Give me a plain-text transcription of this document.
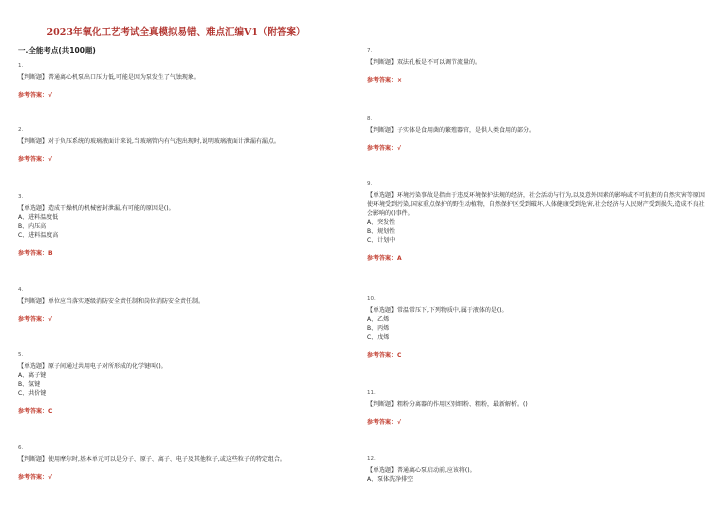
2023年氧化工艺考试全真模拟易错、难点汇编V1（附答案）
一.全能考点(共100题)
1.
【判断题】普通离心机泵出口压力低,可能是因为泵发生了气蚀现象。
参考答案：√
2.
【判断题】对于负压系统的玻璃液面计来说,当玻璃管内有气泡出现时,说明玻璃液面计泄漏有漏点。
参考答案：√
3.
【单选题】造成干燥机的机械密封泄漏,有可能的原因是()。
A、进料温度低
B、内压高
C、进料温度高
参考答案：B
4.
【判断题】单位应当落实逐级消防安全责任制和岗位消防安全责任制。
参考答案：√
5.
【单选题】原子间通过共用电子对所形成的化学键叫()。
A、离子键
B、氢键
C、共价键
参考答案：C
6.
【判断题】使用摩尔时,基本单元可以是分子、原子、离子、电子及其他粒子,或这些粒子的特定组合。
参考答案：√
7.
【判断题】双法孔板是不可以调节流量的。
参考答案：×
8.
【判断题】子实体是食用菌的繁殖器官，是供人类食用的部分。
参考答案：√
9.
【单选题】环境污染事故是指由于违反环境保护法规的经济，社会活动与行为,以及意外因素的影响或不可抗拒的自然灾害等原因使环境受到污染,国家重点保护的野生动植物，自然保护区受到破坏,人体健康受到危害,社会经济与人民财产受到损失,造成不良社会影响的()事件。
A、突发性
B、规划性
C、计划中
参考答案：A
10.
【单选题】常温常压下,下列物质中,属于液体的是()。
A、乙烯
B、丙烯
C、戊烯
参考答案：C
11.
【判断题】粗粉分离器的作用区别细粉、粗粉，最新解析。()
参考答案：√
12.
【单选题】普通离心泵启动前,应该将()。
A、泵体洗净排空
